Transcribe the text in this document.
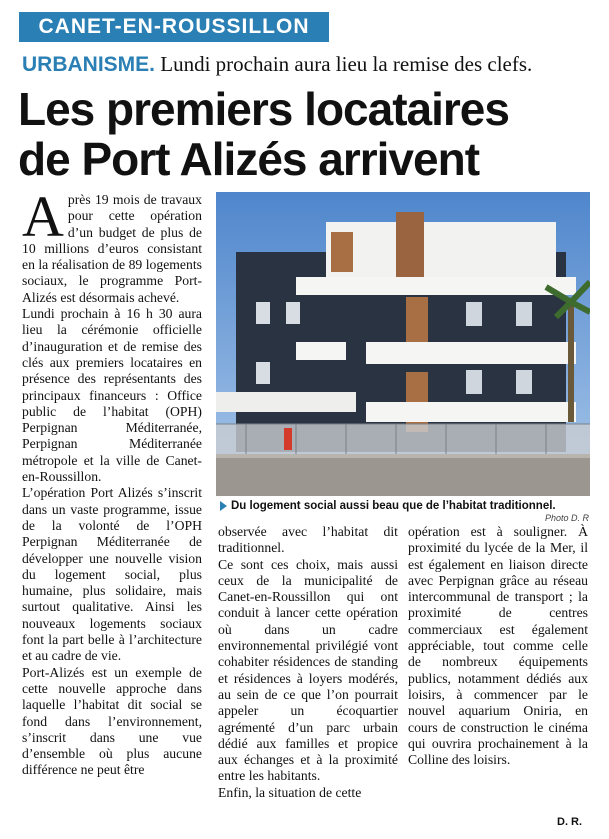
CANET-EN-ROUSSILLON
URBANISME. Lundi prochain aura lieu la remise des clefs.
Les premiers locataires
de Port Alizés arrivent

Après 19 mois de travaux pour cette opération d’un budget de plus de 10 millions d’euros consistant en la réalisation de 89 logements sociaux, le programme Port-Alizés est désormais achevé.

Lundi prochain à 16 h 30 aura lieu la cérémonie officielle d’inauguration et de remise des clés aux premiers locataires en présence des représentants des principaux financeurs : Office public de l’habitat (OPH) Perpignan Méditerranée, Perpignan Méditerranée métropole et la ville de Canet-en-Roussillon.

L’opération Port Alizés s’inscrit dans un vaste programme, issue de la volonté de l’OPH Perpignan Méditerranée de développer une nouvelle vision du logement social, plus humaine, plus solidaire, mais surtout qualitative. Ainsi les nouveaux logements sociaux font la part belle à l’architecture et au cadre de vie.

Port-Alizés est un exemple de cette nouvelle approche dans laquelle l’habitat dit social se fond dans l’environnement, s’inscrit dans une vue d’ensemble où plus aucune différence ne peut être

Du logement social aussi beau que de l’habitat traditionnel.
Photo D. R

observée avec l’habitat dit traditionnel.

Ce sont ces choix, mais aussi ceux de la municipalité de Canet-en-Roussillon qui ont conduit à lancer cette opération où dans un cadre environnemental privilégié vont cohabiter résidences de standing et résidences à loyers modérés, au sein de ce que l’on pourrait appeler un écoquartier agrémenté d’un parc urbain dédié aux familles et propice aux échanges et à la proximité entre les habitants.

Enfin, la situation de cette

opération est à souligner. À proximité du lycée de la Mer, il est également en liaison directe avec Perpignan grâce au réseau intercommunal de transport ; la proximité de centres commerciaux est également appréciable, tout comme celle de nombreux équipements publics, notamment dédiés aux loisirs, à commencer par le nouvel aquarium Oniria, en cours de construction le cinéma qui ouvrira prochainement à la Colline des loisirs.

D. R.
